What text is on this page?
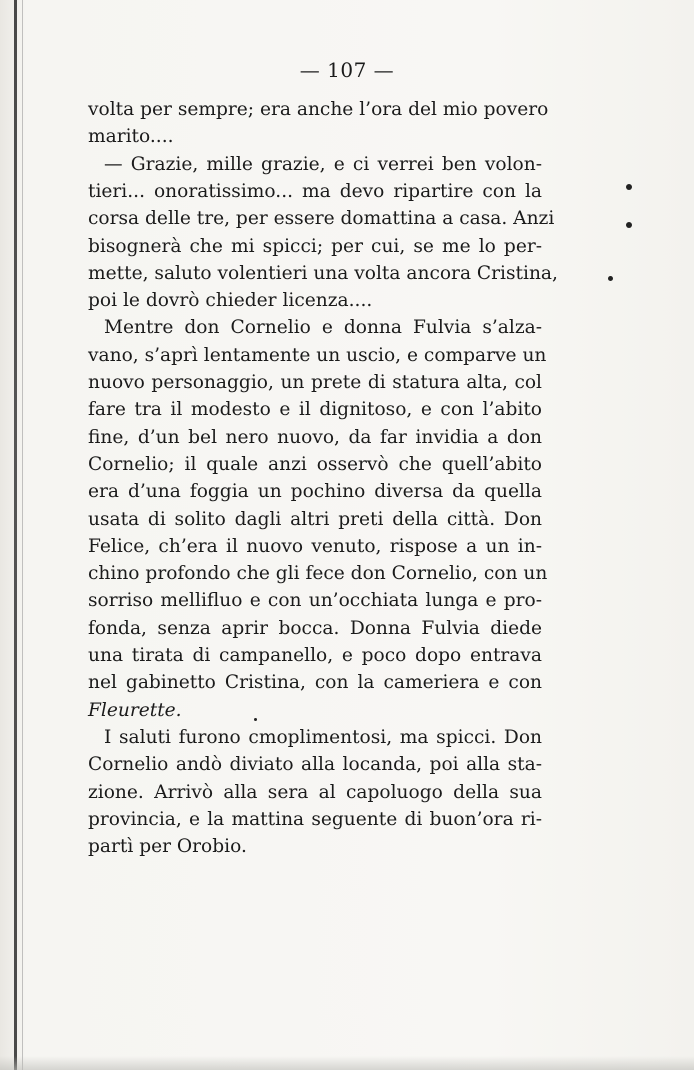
— 107 —
volta per sempre; era anche l’ora del mio povero
marito....
— Grazie, mille grazie, e ci verrei ben volon-
tieri... onoratissimo... ma devo ripartire con la
corsa delle tre, per essere domattina a casa. Anzi
bisognerà che mi spicci; per cui, se me lo per-
mette, saluto volentieri una volta ancora Cristina,
poi le dovrò chieder licenza....
Mentre don Cornelio e donna Fulvia s’alza-
vano, s’aprì lentamente un uscio, e comparve un
nuovo personaggio, un prete di statura alta, col
fare tra il modesto e il dignitoso, e con l’abito
fine, d’un bel nero nuovo, da far invidia a don
Cornelio; il quale anzi osservò che quell’abito
era d’una foggia un pochino diversa da quella
usata di solito dagli altri preti della città. Don
Felice, ch’era il nuovo venuto, rispose a un in-
chino profondo che gli fece don Cornelio, con un
sorriso mellifluo e con un’occhiata lunga e pro-
fonda, senza aprir bocca. Donna Fulvia diede
una tirata di campanello, e poco dopo entrava
nel gabinetto Cristina, con la cameriera e con
Fleurette.
I saluti furono cmoplimentosi, ma spicci. Don
Cornelio andò diviato alla locanda, poi alla sta-
zione. Arrivò alla sera al capoluogo della sua
provincia, e la mattina seguente di buon’ora ri-
partì per Orobio.
